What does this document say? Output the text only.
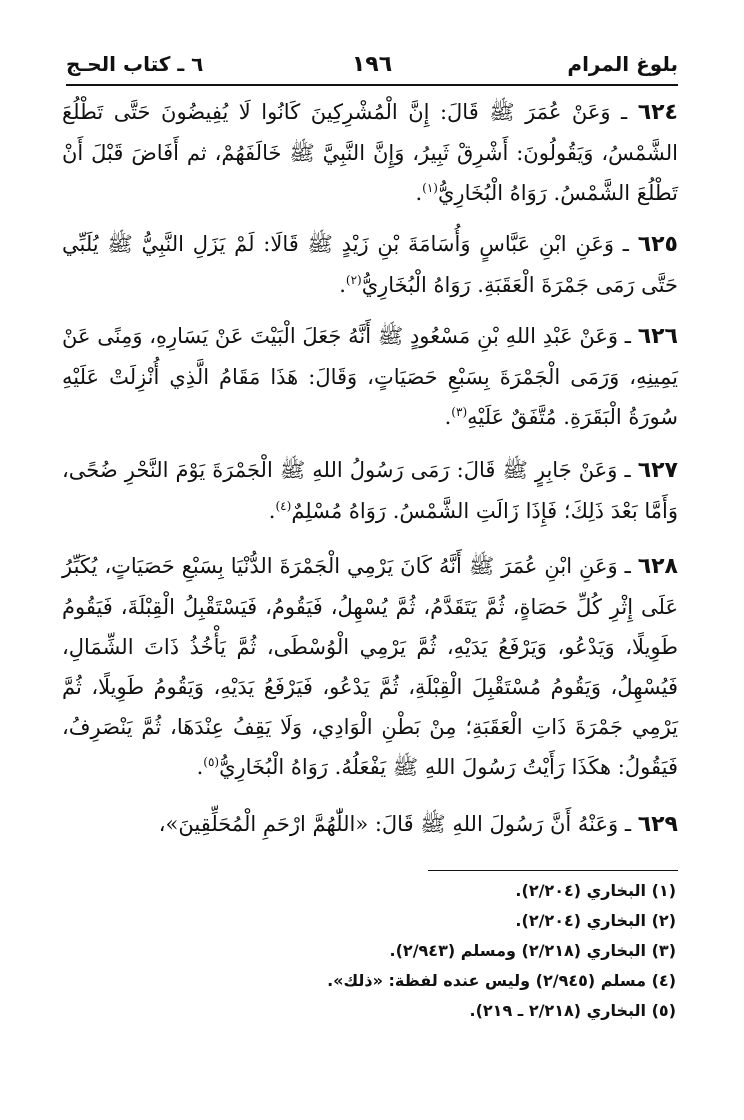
بلوغ المرام
١٩٦
٦ ـ كتاب الحـج

٦٢٤ ـ وَعَنْ عُمَرَ ﷺ قَالَ: إِنَّ الْمُشْرِكِينَ كَانُوا لَا يُفِيضُونَ حَتَّى تَطْلُعَ الشَّمْسُ، وَيَقُولُونَ: أَشْرِقْ ثَبِيرُ، وَإِنَّ النَّبِيَّ ﷺ خَالَفَهُمْ، ثم أَفَاضَ قَبْلَ أَنْ تَطْلُعَ الشَّمْسُ. رَوَاهُ الْبُخَارِيُّ$^{(١)}$.

٦٢٥ ـ وَعَنِ ابْنِ عَبَّاسٍ وَأُسَامَةَ بْنِ زَيْدٍ ﷺ قَالَا: لَمْ يَزَلِ النَّبِيُّ ﷺ يُلَبِّي حَتَّى رَمَى جَمْرَةَ الْعَقَبَةِ. رَوَاهُ الْبُخَارِيُّ$^{(٢)}$.

٦٢٦ ـ وَعَنْ عَبْدِ اللهِ بْنِ مَسْعُودٍ ﷺ أَنَّهُ جَعَلَ الْبَيْتَ عَنْ يَسَارِهِ، وَمِنًى عَنْ يَمِينِهِ، وَرَمَى الْجَمْرَةَ بِسَبْعِ حَصَيَاتٍ، وَقَالَ: هَذَا مَقَامُ الَّذِي أُنْزِلَتْ عَلَيْهِ سُورَةُ الْبَقَرَةِ. مُتَّفَقٌ عَلَيْهِ$^{(٣)}$.

٦٢٧ ـ وَعَنْ جَابِرٍ ﷺ قَالَ: رَمَى رَسُولُ اللهِ ﷺ الْجَمْرَةَ يَوْمَ النَّحْرِ ضُحًى، وَأَمَّا بَعْدَ ذَلِكَ؛ فَإِذَا زَالَتِ الشَّمْسُ. رَوَاهُ مُسْلِمٌ$^{(٤)}$.

٦٢٨ ـ وَعَنِ ابْنِ عُمَرَ ﷺ أَنَّهُ كَانَ يَرْمِي الْجَمْرَةَ الدُّنْيَا بِسَبْعِ حَصَيَاتٍ، يُكَبِّرُ عَلَى إِثْرِ كُلِّ حَصَاةٍ، ثُمَّ يَتَقَدَّمُ، ثُمَّ يُسْهِلُ، فَيَقُومُ، فَيَسْتَقْبِلُ الْقِبْلَةَ، فَيَقُومُ طَوِيلًا، وَيَدْعُو، وَيَرْفَعُ يَدَيْهِ، ثُمَّ يَرْمِي الْوُسْطَى، ثُمَّ يَأْخُذُ ذَاتَ الشِّمَالِ، فَيُسْهِلُ، وَيَقُومُ مُسْتَقْبِلَ الْقِبْلَةِ، ثُمَّ يَدْعُو، فَيَرْفَعُ يَدَيْهِ، وَيَقُومُ طَوِيلًا، ثُمَّ يَرْمِي جَمْرَةَ ذَاتِ الْعَقَبَةِ؛ مِنْ بَطْنِ الْوَادِي، وَلَا يَقِفُ عِنْدَهَا، ثُمَّ يَنْصَرِفُ، فَيَقُولُ: هكَذَا رَأَيْتُ رَسُولَ اللهِ ﷺ يَفْعَلُهُ. رَوَاهُ الْبُخَارِيُّ$^{(٥)}$.

٦٢٩ ـ وَعَنْهُ أَنَّ رَسُولَ اللهِ ﷺ قَالَ: «اللّٰهُمَّ ارْحَمِ الْمُحَلِّقِينَ»،

(١) البخاري (٢/٢٠٤).
(٢) البخاري (٢/٢٠٤).
(٣) البخاري (٢/٢١٨) ومسلم (٢/٩٤٣).
(٤) مسلم (٢/٩٤٥) وليس عنده لفظة: «ذلك».
(٥) البخاري (٢/٢١٨ ـ ٢١٩).
